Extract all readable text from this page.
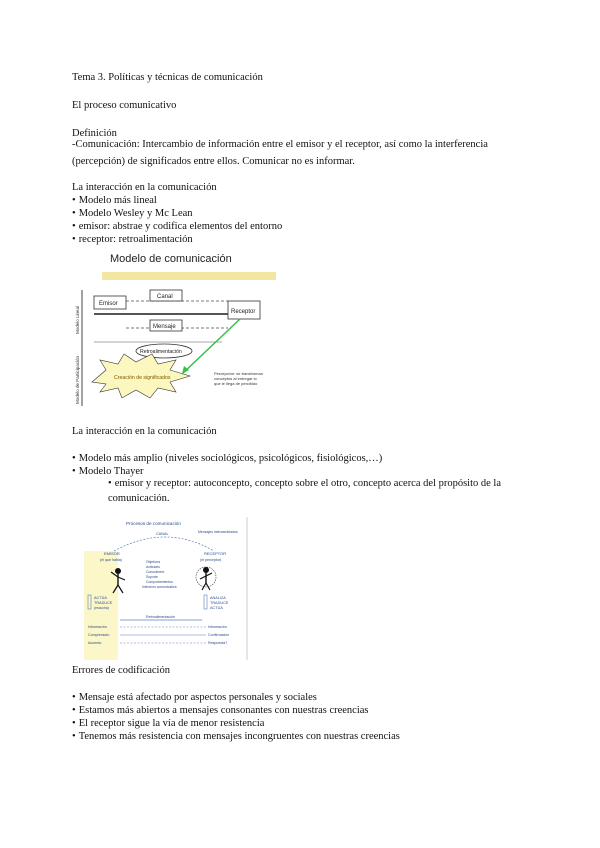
Tema 3. Políticas y técnicas de comunicación
El proceso comunicativo
Definición
-Comunicación: Intercambio de información entre el emisor y el receptor, así como la interferencia (percepción) de significados entre ellos. Comunicar no es informar.
La interacción en la comunicación
• Modelo más lineal
• Modelo Wesley y Mc Lean
• emisor: abstrae y codifica elementos del entorno
• receptor: retroalimentación
Modelo de comunicación
Modelo Lineal
Modelo de Participación
Emisor
Canal
Mensaje
Receptor
Retroalimentación
Creación de significados
Percepción: se transforman
conceptos al entregar lo
que le llega de percibido
La interacción en la comunicación
• Modelo más amplio (niveles sociológicos, psicológicos, fisiológicos,…)
• Modelo Thayer
• emisor y receptor: autoconcepto, concepto sobre el otro, concepto acerca del propósito de la comunicación.
Procesos de comunicación
CANAL	Mensajes intercambiados
EMISOR
(el que habla)
RECEPTOR
(el perceptor)
Objetivos
Actitudes
Conociment.
Soporte
Comportamientos
Intención comunicativa
ACTÚA
TRADUCE
(escucha)
ANALIZA
TRADUCE
ACTÚA
Retroalimentación
Información
Comprensión
Acuerdo
Información
Confirmación
Respuesta?
Errores de codificación
• Mensaje está afectado por aspectos personales y sociales
• Estamos más abiertos a mensajes consonantes con nuestras creencias
• El receptor sigue la vía de menor resistencia
• Tenemos más resistencia con mensajes incongruentes con nuestras creencias
